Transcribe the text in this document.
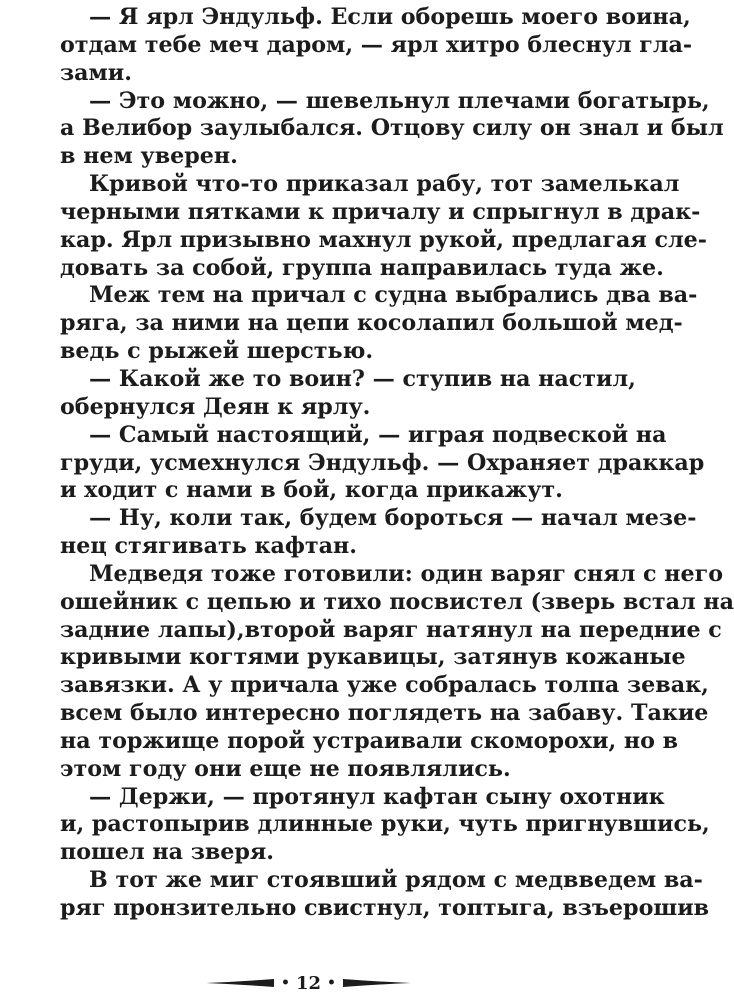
— Я ярл Эндульф. Если оборешь моего воина,
отдам тебе меч даром, — ярл хитро блеснул гла-
зами.
— Это можно, — шевельнул плечами богатырь,
а Велибор заулыбался. Отцову силу он знал и был
в нем уверен.
Кривой что-то приказал рабу, тот замелькал
черными пятками к причалу и спрыгнул в драк-
кар. Ярл призывно махнул рукой, предлагая сле-
довать за собой, группа направилась туда же.
Меж тем на причал с судна выбрались два ва-
ряга, за ними на цепи косолапил большой мед-
ведь с рыжей шерстью.
— Какой же то воин? — ступив на настил,
обернулся Деян к ярлу.
— Самый настоящий, — играя подвеской на
груди, усмехнулся Эндульф. — Охраняет драккар
и ходит с нами в бой, когда прикажут.
— Ну, коли так, будем бороться — начал мезе-
нец стягивать кафтан.
Медведя тоже готовили: один варяг снял с него
ошейник с цепью и тихо посвистел (зверь встал на
задние лапы),второй варяг натянул на передние с
кривыми когтями рукавицы, затянув кожаные
завязки. А у причала уже собралась толпа зевак,
всем было интересно поглядеть на забаву. Такие
на торжище порой устраивали скоморохи, но в
этом году они еще не появлялись.
— Держи, — протянул кафтан сыну охотник
и, растопырив длинные руки, чуть пригнувшись,
пошел на зверя.
В тот же миг стоявший рядом с медвведем ва-
ряг пронзительно свистнул, топтыга, взъерошив
• 12 •
